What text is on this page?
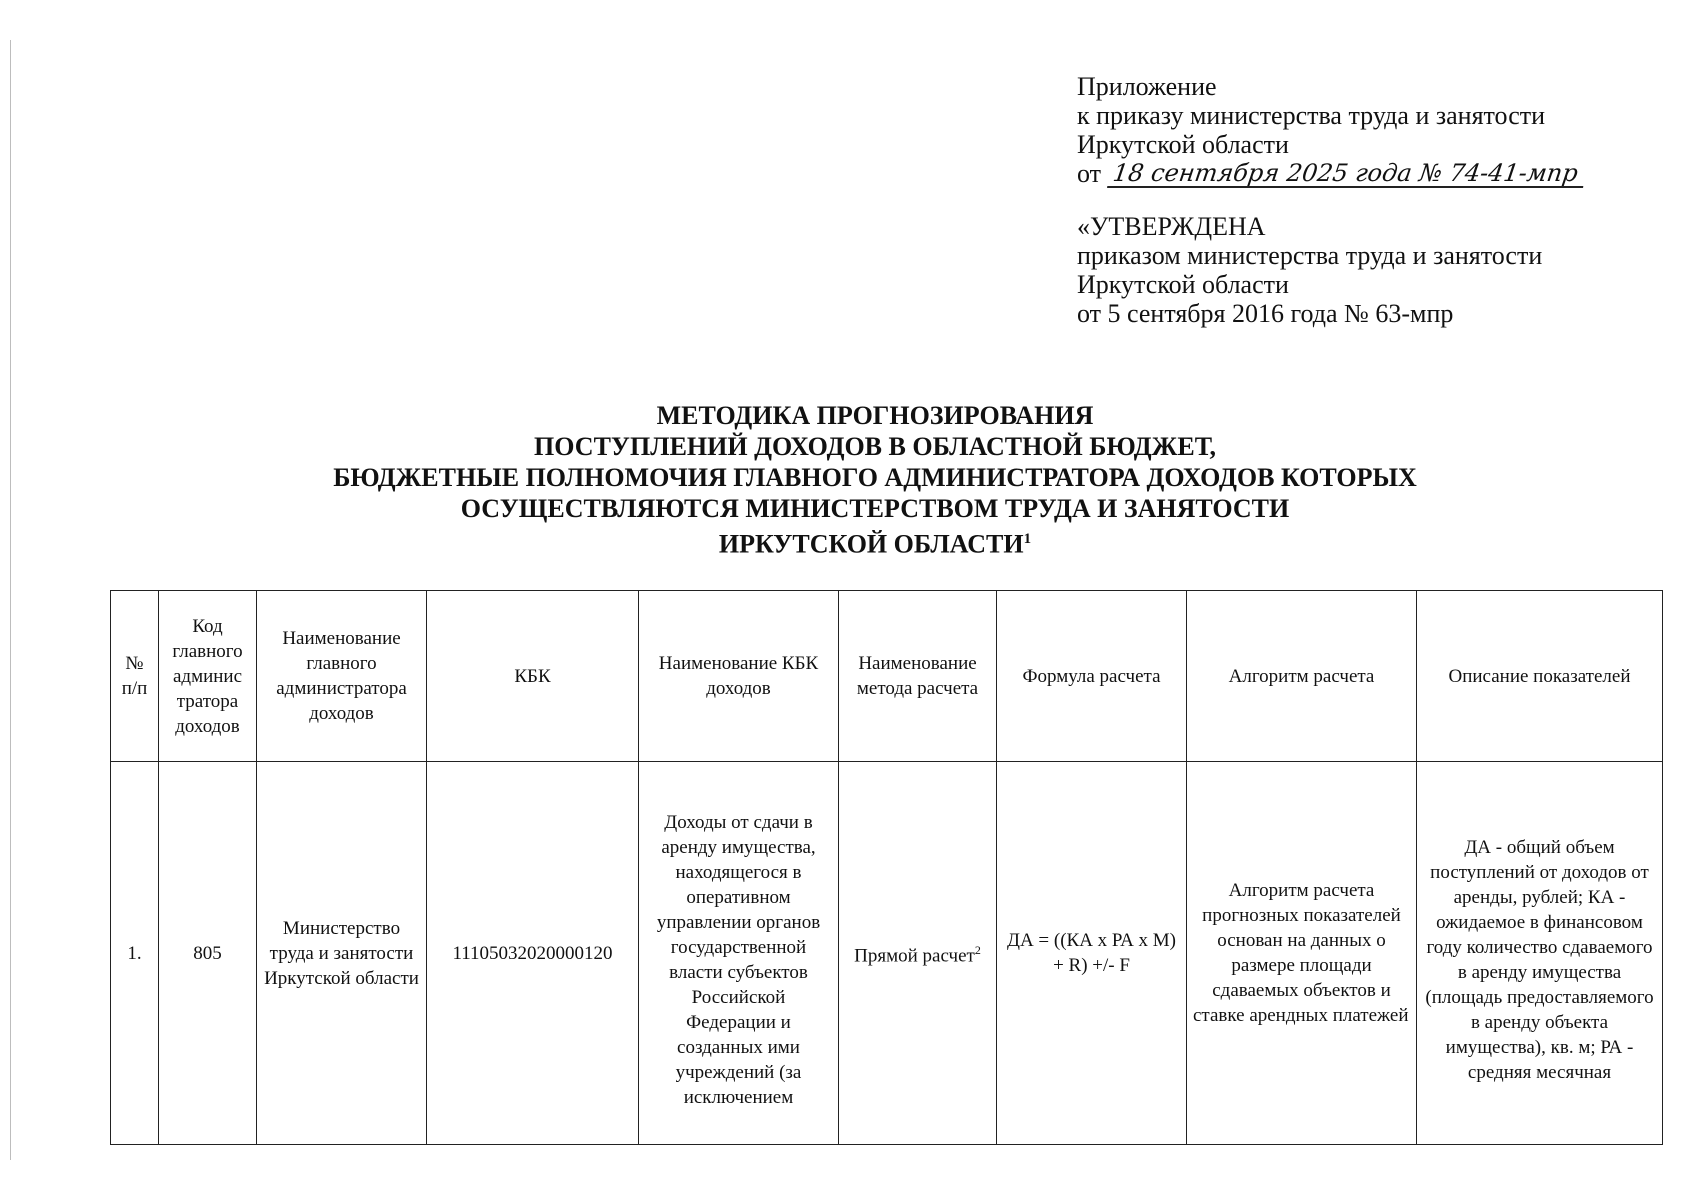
Приложение
к приказу министерства труда и занятости
Иркутской области
от 18 сентября 2025 года № 74-41-мпр
«УТВЕРЖДЕНА
приказом министерства труда и занятости
Иркутской области
от 5 сентября 2016 года № 63-мпр
МЕТОДИКА ПРОГНОЗИРОВАНИЯ
ПОСТУПЛЕНИЙ ДОХОДОВ В ОБЛАСТНОЙ БЮДЖЕТ,
БЮДЖЕТНЫЕ ПОЛНОМОЧИЯ ГЛАВНОГО АДМИНИСТРАТОРА ДОХОДОВ КОТОРЫХ
ОСУЩЕСТВЛЯЮТСЯ МИНИСТЕРСТВОМ ТРУДА И ЗАНЯТОСТИ
ИРКУТСКОЙ ОБЛАСТИ$^1$
№ п/п	Код главного админис тратора доходов	Наименование главного администратора доходов	КБК	Наименование КБК доходов	Наименование метода расчета	Формула расчета	Алгоритм расчета	Описание показателей
1.	805	Министерство труда и занятости Иркутской области	11105032020000120	Доходы от сдачи в аренду имущества, находящегося в оперативном управлении органов государственной власти субъектов Российской Федерации и созданных ими учреждений (за исключением	Прямой расчет$^2$	ДА = ((КА x РА x М) + R) +/- F	Алгоритм расчета прогнозных показателей основан на данных о размере площади сдаваемых объектов и ставке арендных платежей	ДА - общий объем поступлений от доходов от аренды, рублей; КА - ожидаемое в финансовом году количество сдаваемого в аренду имущества (площадь предоставляемого в аренду объекта имущества), кв. м; РА - средняя месячная
